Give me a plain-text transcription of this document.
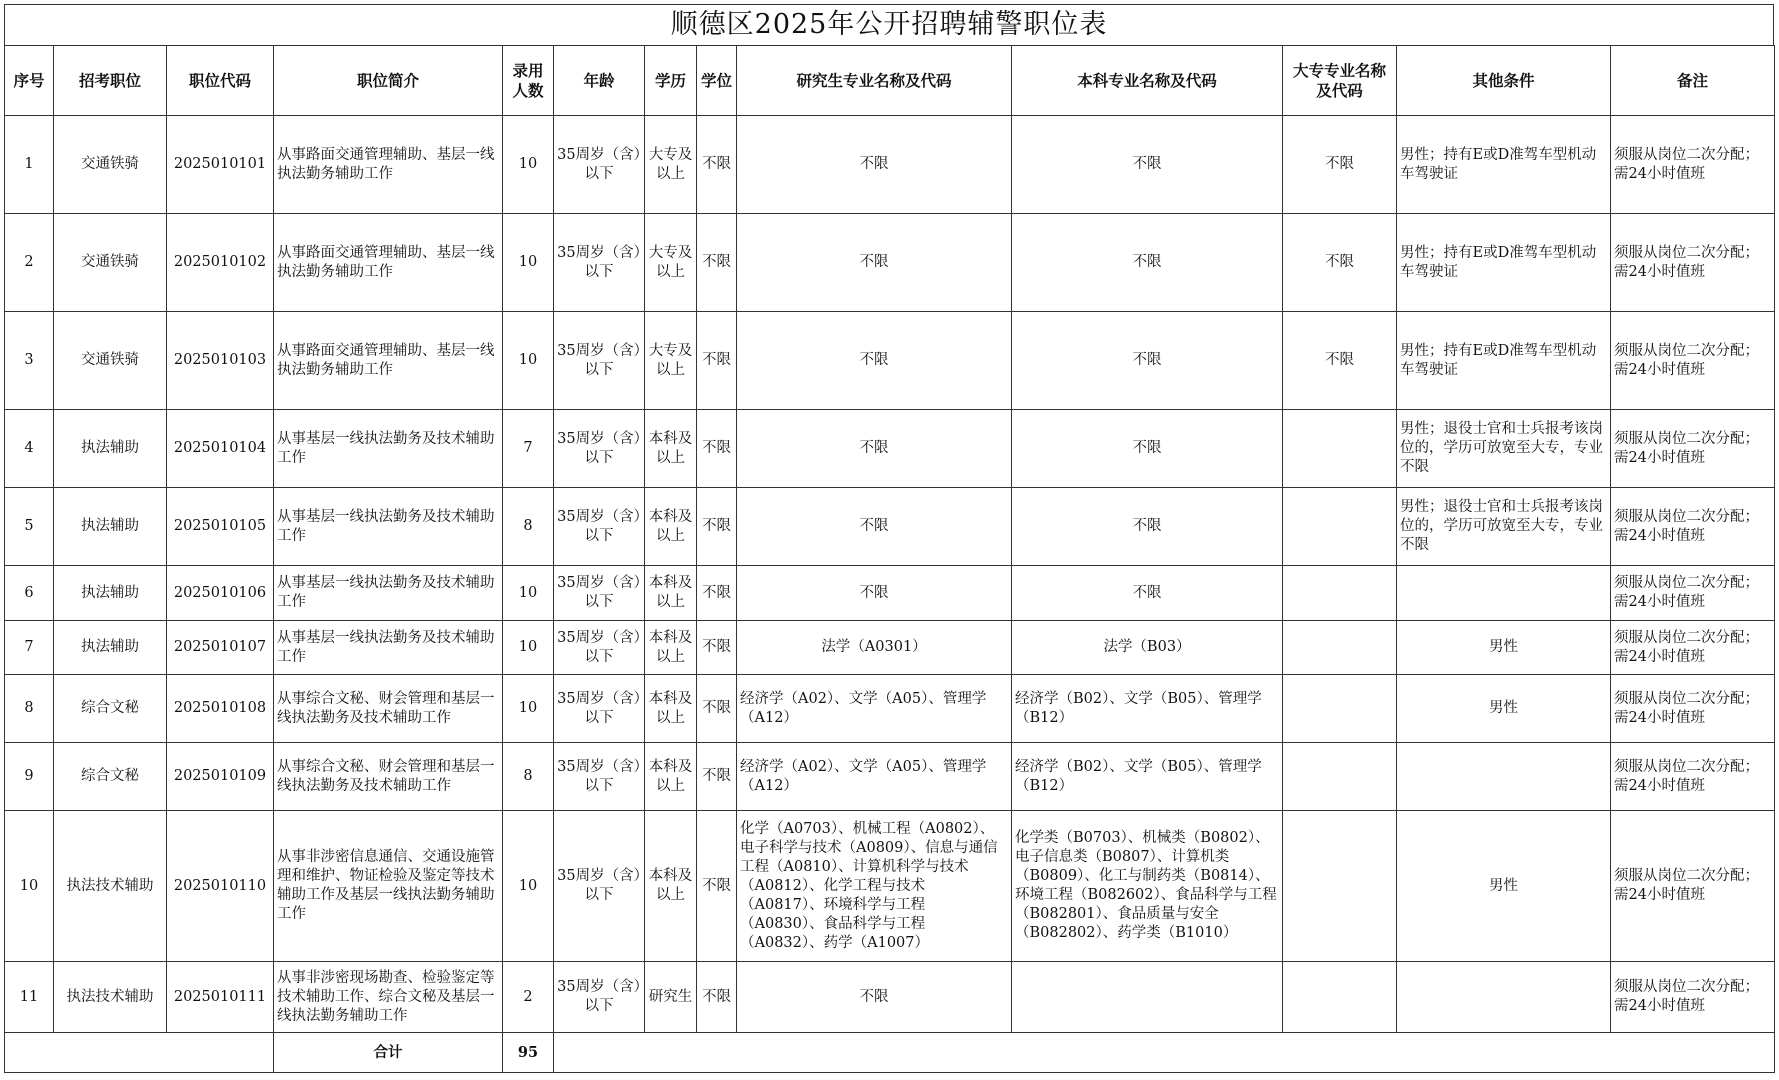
顺德区2025年公开招聘辅警职位表
序号	招考职位	职位代码	职位简介	录用人数	年龄	学历	学位	研究生专业名称及代码	本科专业名称及代码	大专专业名称及代码	其他条件	备注
1	交通铁骑	2025010101	从事路面交通管理辅助、基层一线执法勤务辅助工作	10	35周岁（含）以下	大专及以上	不限	不限	不限	不限	男性；持有E或D准驾车型机动车驾驶证	须服从岗位二次分配；需24小时值班
2	交通铁骑	2025010102	从事路面交通管理辅助、基层一线执法勤务辅助工作	10	35周岁（含）以下	大专及以上	不限	不限	不限	不限	男性；持有E或D准驾车型机动车驾驶证	须服从岗位二次分配；需24小时值班
3	交通铁骑	2025010103	从事路面交通管理辅助、基层一线执法勤务辅助工作	10	35周岁（含）以下	大专及以上	不限	不限	不限	不限	男性；持有E或D准驾车型机动车驾驶证	须服从岗位二次分配；需24小时值班
4	执法辅助	2025010104	从事基层一线执法勤务及技术辅助工作	7	35周岁（含）以下	本科及以上	不限	不限	不限		男性；退役士官和士兵报考该岗位的，学历可放宽至大专，专业不限	须服从岗位二次分配；需24小时值班
5	执法辅助	2025010105	从事基层一线执法勤务及技术辅助工作	8	35周岁（含）以下	本科及以上	不限	不限	不限		男性；退役士官和士兵报考该岗位的，学历可放宽至大专，专业不限	须服从岗位二次分配；需24小时值班
6	执法辅助	2025010106	从事基层一线执法勤务及技术辅助工作	10	35周岁（含）以下	本科及以上	不限	不限	不限			须服从岗位二次分配；需24小时值班
7	执法辅助	2025010107	从事基层一线执法勤务及技术辅助工作	10	35周岁（含）以下	本科及以上	不限	法学（A0301）	法学（B03）		男性	须服从岗位二次分配；需24小时值班
8	综合文秘	2025010108	从事综合文秘、财会管理和基层一线执法勤务及技术辅助工作	10	35周岁（含）以下	本科及以上	不限	经济学（A02）、文学（A05）、管理学（A12）	经济学（B02）、文学（B05）、管理学（B12）		男性	须服从岗位二次分配；需24小时值班
9	综合文秘	2025010109	从事综合文秘、财会管理和基层一线执法勤务及技术辅助工作	8	35周岁（含）以下	本科及以上	不限	经济学（A02）、文学（A05）、管理学（A12）	经济学（B02）、文学（B05）、管理学（B12）			须服从岗位二次分配；需24小时值班
10	执法技术辅助	2025010110	从事非涉密信息通信、交通设施管理和维护、物证检验及鉴定等技术辅助工作及基层一线执法勤务辅助工作	10	35周岁（含）以下	本科及以上	不限	化学（A0703）、机械工程（A0802）、电子科学与技术（A0809）、信息与通信工程（A0810）、计算机科学与技术（A0812）、化学工程与技术（A0817）、环境科学与工程（A0830）、食品科学与工程（A0832）、药学（A1007）	化学类（B0703）、机械类（B0802）、电子信息类（B0807）、计算机类（B0809）、化工与制药类（B0814）、环境工程（B082602）、食品科学与工程（B082801）、食品质量与安全（B082802）、药学类（B1010）		男性	须服从岗位二次分配；需24小时值班
11	执法技术辅助	2025010111	从事非涉密现场勘查、检验鉴定等技术辅助工作、综合文秘及基层一线执法勤务辅助工作	2	35周岁（含）以下	研究生	不限	不限				须服从岗位二次分配；需24小时值班
			合计	95								
